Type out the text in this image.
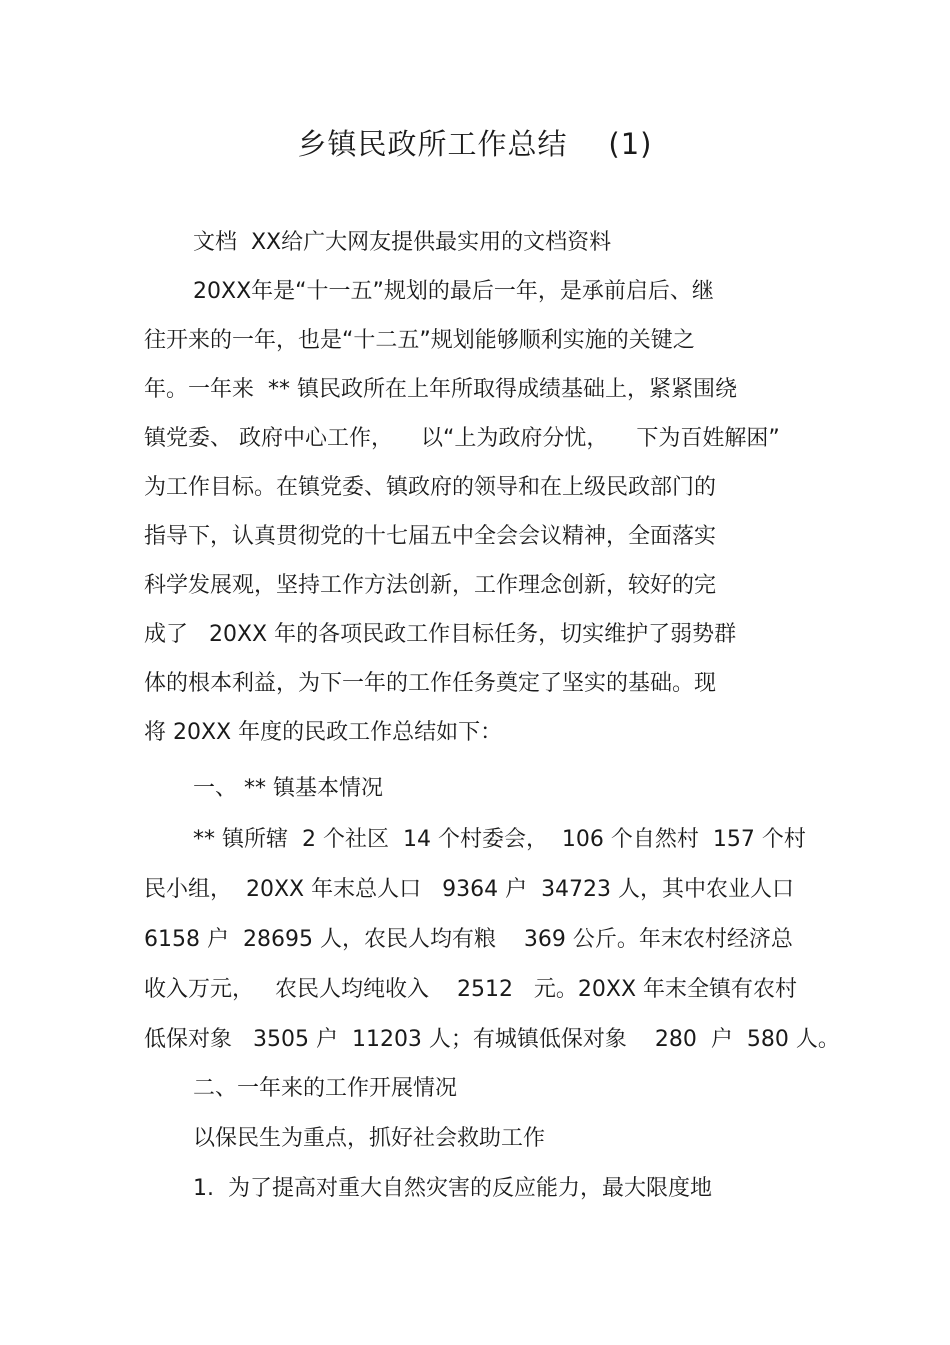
乡镇民政所工作总结    (1)
文档  XX给广大网友提供最实用的文档资料
20XX年是“十一五”规划的最后一年，是承前启后、继
往开来的一年，也是“十二五”规划能够顺利实施的关键之
年。一年来  ** 镇民政所在上年所取得成绩基础上，紧紧围绕
镇党委、 政府中心工作，    以“上为政府分忧，    下为百姓解困”
为工作目标。在镇党委、镇政府的领导和在上级民政部门的
指导下，认真贯彻党的十七届五中全会会议精神，全面落实
科学发展观，坚持工作方法创新，工作理念创新，较好的完
成了   20XX 年的各项民政工作目标任务，切实维护了弱势群
体的根本利益，为下一年的工作任务奠定了坚实的基础。现
将 20XX 年度的民政工作总结如下：
一、 ** 镇基本情况
** 镇所辖  2 个社区  14 个村委会，  106 个自然村  157 个村
民小组，  20XX 年末总人口   9364 户  34723 人，其中农业人口
6158 户  28695 人，农民人均有粮    369 公斤。年末农村经济总
收入万元，   农民人均纯收入    2512   元。20XX 年末全镇有农村
低保对象   3505 户  11203 人；有城镇低保对象    280  户  580 人。
二、一年来的工作开展情况
以保民生为重点，抓好社会救助工作
1.  为了提高对重大自然灾害的反应能力，最大限度地
